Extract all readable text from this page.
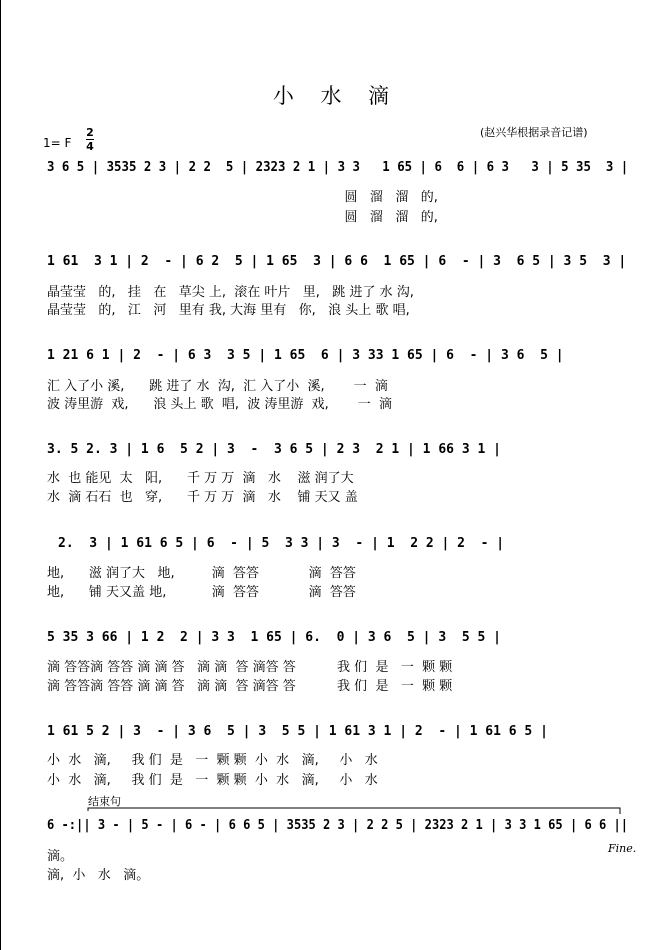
小 水 滴
1= F
2
4
(赵兴华根据录音记谱)
3 6 5 | 3535 2 3 | 2 2  5 | 2323 2 1 | 3 3   1 65 | 6  6 | 6 3   3 | 5 35  3 |
圆   溜   溜   的,
圆   溜   溜   的,
1 61  3 1 | 2  - | 6 2  5 | 1 65  3 | 6 6  1 65 | 6  - | 3  6 5 | 3 5  3 |
晶莹莹   的,   挂   在   草尖 上,  滚在 叶片   里,   跳 进了 水 沟,
晶莹莹   的,   江   河   里有 我, 大海 里有   你,   浪 头上 歌 唱,
1 21 6 1 | 2  - | 6 3  3 5 | 1 65  6 | 3 33 1 65 | 6  - | 3 6  5 |
汇 入了小 溪,      跳 进了 水  沟,  汇 入了小  溪,       一  滴
波 涛里游  戏,      浪 头上 歌  唱,  波 涛里游  戏,       一  滴
3. 5 2. 3 | 1 6  5 2 | 3  -  3 6 5 | 2 3  2 1 | 1 66 3 1 |
水  也 能见  太   阳,      千 万 万  滴   水    滋 润了大
水  滴 石石  也   穿,      千 万 万  滴   水    铺 天又 盖
2.  3 | 1 61 6 5 | 6  - | 5  3 3 | 3  - | 1  2 2 | 2  - |
地,      滋 润了大   地,         滴  答答            滴  答答
地,      铺 天又盖 地,           滴  答答            滴  答答
5 35 3 66 | 1 2  2 | 3 3  1 65 | 6.  0 | 3 6  5 | 3  5 5 |
滴 答答滴 答答 滴 滴 答   滴 滴  答 滴答 答          我 们  是   一  颗 颗
滴 答答滴 答答 滴 滴 答   滴 滴  答 滴答 答          我 们  是   一  颗 颗
1 61 5 2 | 3  - | 3 6  5 | 3  5 5 | 1 61 3 1 | 2  - | 1 61 6 5 |
小  水   滴,     我 们  是   一  颗 颗  小  水   滴,     小   水
小  水   滴,     我 们  是   一  颗 颗  小  水   滴,     小   水
结束句
6 -:|| 3 - | 5 - | 6 - | 6 6 5 | 3535 2 3 | 2 2 5 | 2323 2 1 | 3 3 1 65 | 6 6 ||
Fine.
滴。
滴,  小   水   滴。
